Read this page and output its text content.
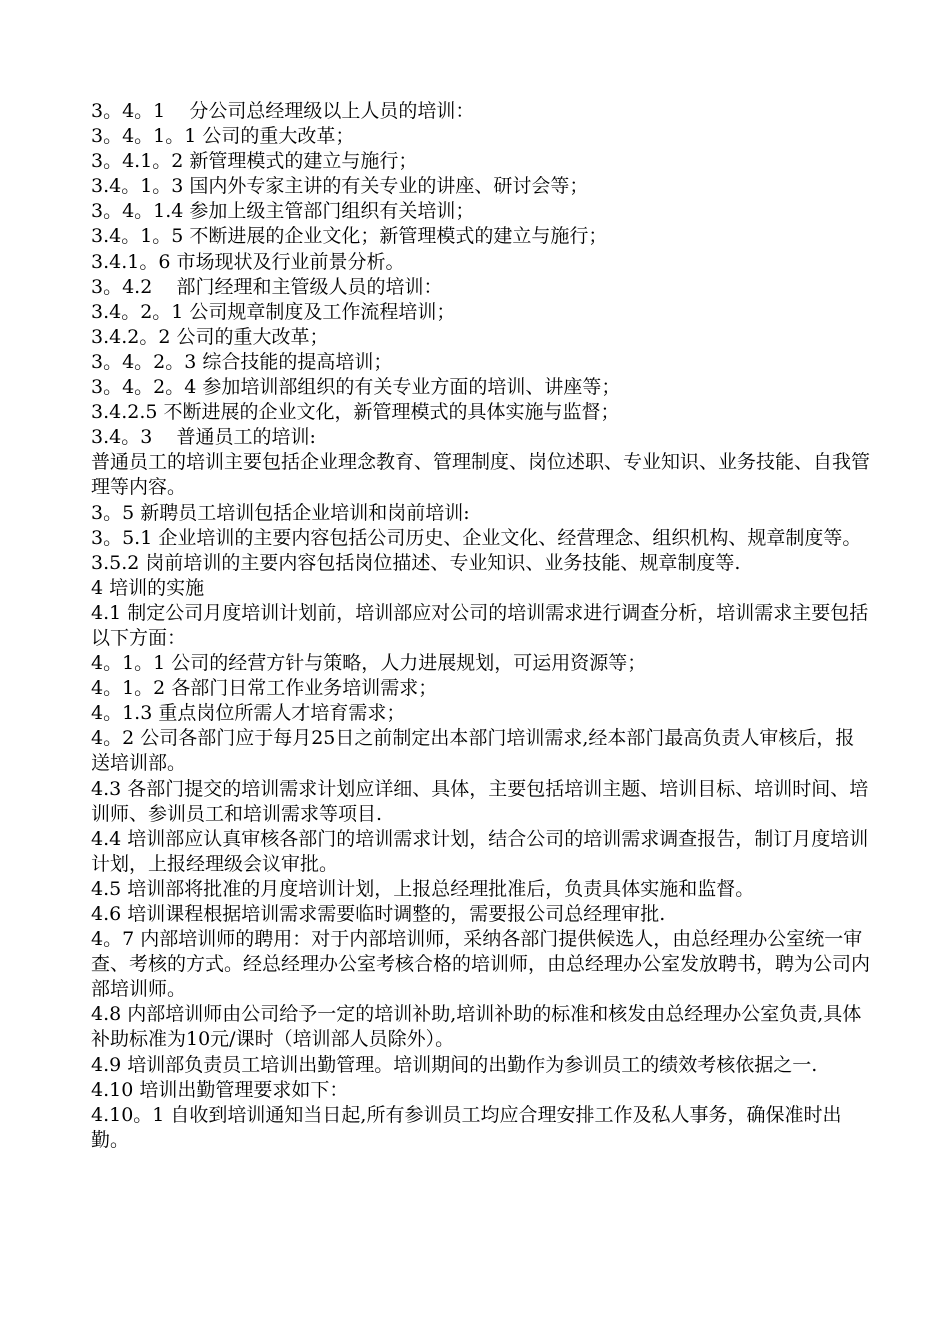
3。4。1    分公司总经理级以上人员的培训：
3。4。1。1 公司的重大改革；
3。4.1。2 新管理模式的建立与施行；
3.4。1。3 国内外专家主讲的有关专业的讲座、研讨会等；
3。4。1.4 参加上级主管部门组织有关培训；
3.4。1。5 不断进展的企业文化；新管理模式的建立与施行；
3.4.1。6 市场现状及行业前景分析。
3。4.2    部门经理和主管级人员的培训：
3.4。2。1 公司规章制度及工作流程培训；
3.4.2。2 公司的重大改革；
3。4。2。3 综合技能的提高培训；
3。4。2。4 参加培训部组织的有关专业方面的培训、讲座等；
3.4.2.5 不断进展的企业文化，新管理模式的具体实施与监督；
3.4。3    普通员工的培训:
普通员工的培训主要包括企业理念教育、管理制度、岗位述职、专业知识、业务技能、自我管理等内容。
3。5 新聘员工培训包括企业培训和岗前培训:
3。5.1 企业培训的主要内容包括公司历史、企业文化、经营理念、组织机构、规章制度等。
3.5.2 岗前培训的主要内容包括岗位描述、专业知识、业务技能、规章制度等.
4 培训的实施
4.1 制定公司月度培训计划前，培训部应对公司的培训需求进行调查分析，培训需求主要包括以下方面：
4。1。1 公司的经营方针与策略，人力进展规划，可运用资源等；
4。1。2 各部门日常工作业务培训需求；
4。1.3 重点岗位所需人才培育需求；
4。2 公司各部门应于每月25日之前制定出本部门培训需求,经本部门最高负责人审核后，报送培训部。
4.3 各部门提交的培训需求计划应详细、具体，主要包括培训主题、培训目标、培训时间、培训师、参训员工和培训需求等项目.
4.4 培训部应认真审核各部门的培训需求计划，结合公司的培训需求调查报告，制订月度培训计划，上报经理级会议审批。
4.5 培训部将批准的月度培训计划，上报总经理批准后，负责具体实施和监督。
4.6 培训课程根据培训需求需要临时调整的，需要报公司总经理审批.
4。7 内部培训师的聘用：对于内部培训师，采纳各部门提供候选人，由总经理办公室统一审查、考核的方式。经总经理办公室考核合格的培训师，由总经理办公室发放聘书，聘为公司内部培训师。
4.8 内部培训师由公司给予一定的培训补助,培训补助的标准和核发由总经理办公室负责,具体补助标准为10元/课时（培训部人员除外）。
4.9 培训部负责员工培训出勤管理。培训期间的出勤作为参训员工的绩效考核依据之一.
4.10 培训出勤管理要求如下：
4.10。1 自收到培训通知当日起,所有参训员工均应合理安排工作及私人事务，确保准时出勤。
